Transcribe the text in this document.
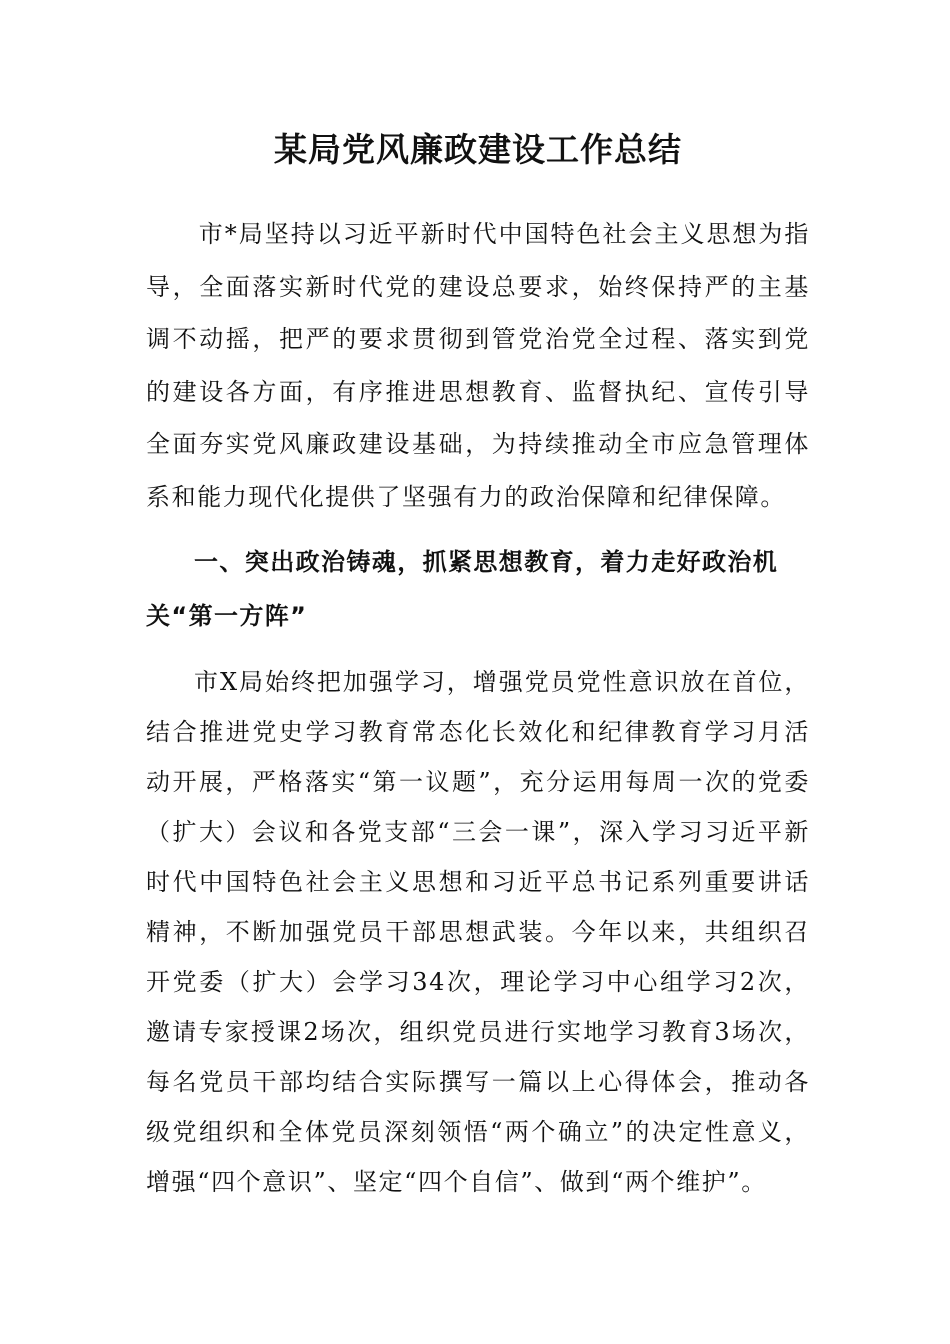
某局党风廉政建设工作总结

市*局坚持以习近平新时代中国特色社会主义思想为指导，全面落实新时代党的建设总要求，始终保持严的主基调不动摇，把严的要求贯彻到管党治党全过程、落实到党的建设各方面，有序推进思想教育、监督执纪、宣传引导全面夯实党风廉政建设基础，为持续推动全市应急管理体系和能力现代化提供了坚强有力的政治保障和纪律保障。

一、突出政治铸魂，抓紧思想教育，着力走好政治机关“第一方阵”

市X局始终把加强学习，增强党员党性意识放在首位，结合推进党史学习教育常态化长效化和纪律教育学习月活动开展，严格落实“第一议题”，充分运用每周一次的党委（扩大）会议和各党支部“三会一课”，深入学习习近平新时代中国特色社会主义思想和习近平总书记系列重要讲话精神，不断加强党员干部思想武装。今年以来，共组织召开党委（扩大）会学习34次，理论学习中心组学习2次，邀请专家授课2场次，组织党员进行实地学习教育3场次，每名党员干部均结合实际撰写一篇以上心得体会，推动各级党组织和全体党员深刻领悟“两个确立”的决定性意义，增强“四个意识”、坚定“四个自信”、做到“两个维护”。
